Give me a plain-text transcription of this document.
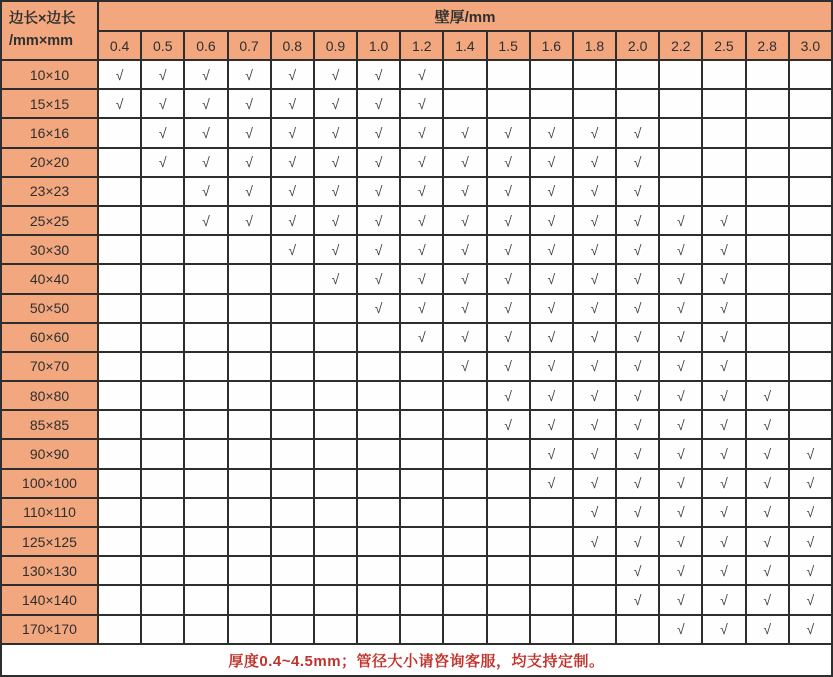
边长×边长
/mm×mm	壁厚/mm																
	0.4	0.5	0.6	0.7	0.8	0.9	1.0	1.2	1.4	1.5	1.6	1.8	2.0	2.2	2.5	2.8	3.0
10×10	√	√	√	√	√	√	√	√									
15×15	√	√	√	√	√	√	√	√									
16×16		√	√	√	√	√	√	√	√	√	√	√	√				
20×20		√	√	√	√	√	√	√	√	√	√	√	√				
23×23			√	√	√	√	√	√	√	√	√	√	√				
25×25			√	√	√	√	√	√	√	√	√	√	√	√	√		
30×30					√	√	√	√	√	√	√	√	√	√	√		
40×40						√	√	√	√	√	√	√	√	√	√		
50×50							√	√	√	√	√	√	√	√	√		
60×60								√	√	√	√	√	√	√	√		
70×70									√	√	√	√	√	√	√		
80×80										√	√	√	√	√	√	√	
85×85										√	√	√	√	√	√	√	
90×90											√	√	√	√	√	√	√
100×100											√	√	√	√	√	√	√
110×110												√	√	√	√	√	√
125×125												√	√	√	√	√	√
130×130													√	√	√	√	√
140×140													√	√	√	√	√
170×170														√	√	√	√
厚度0.4~4.5mm；管径大小请咨询客服，均支持定制。																	
